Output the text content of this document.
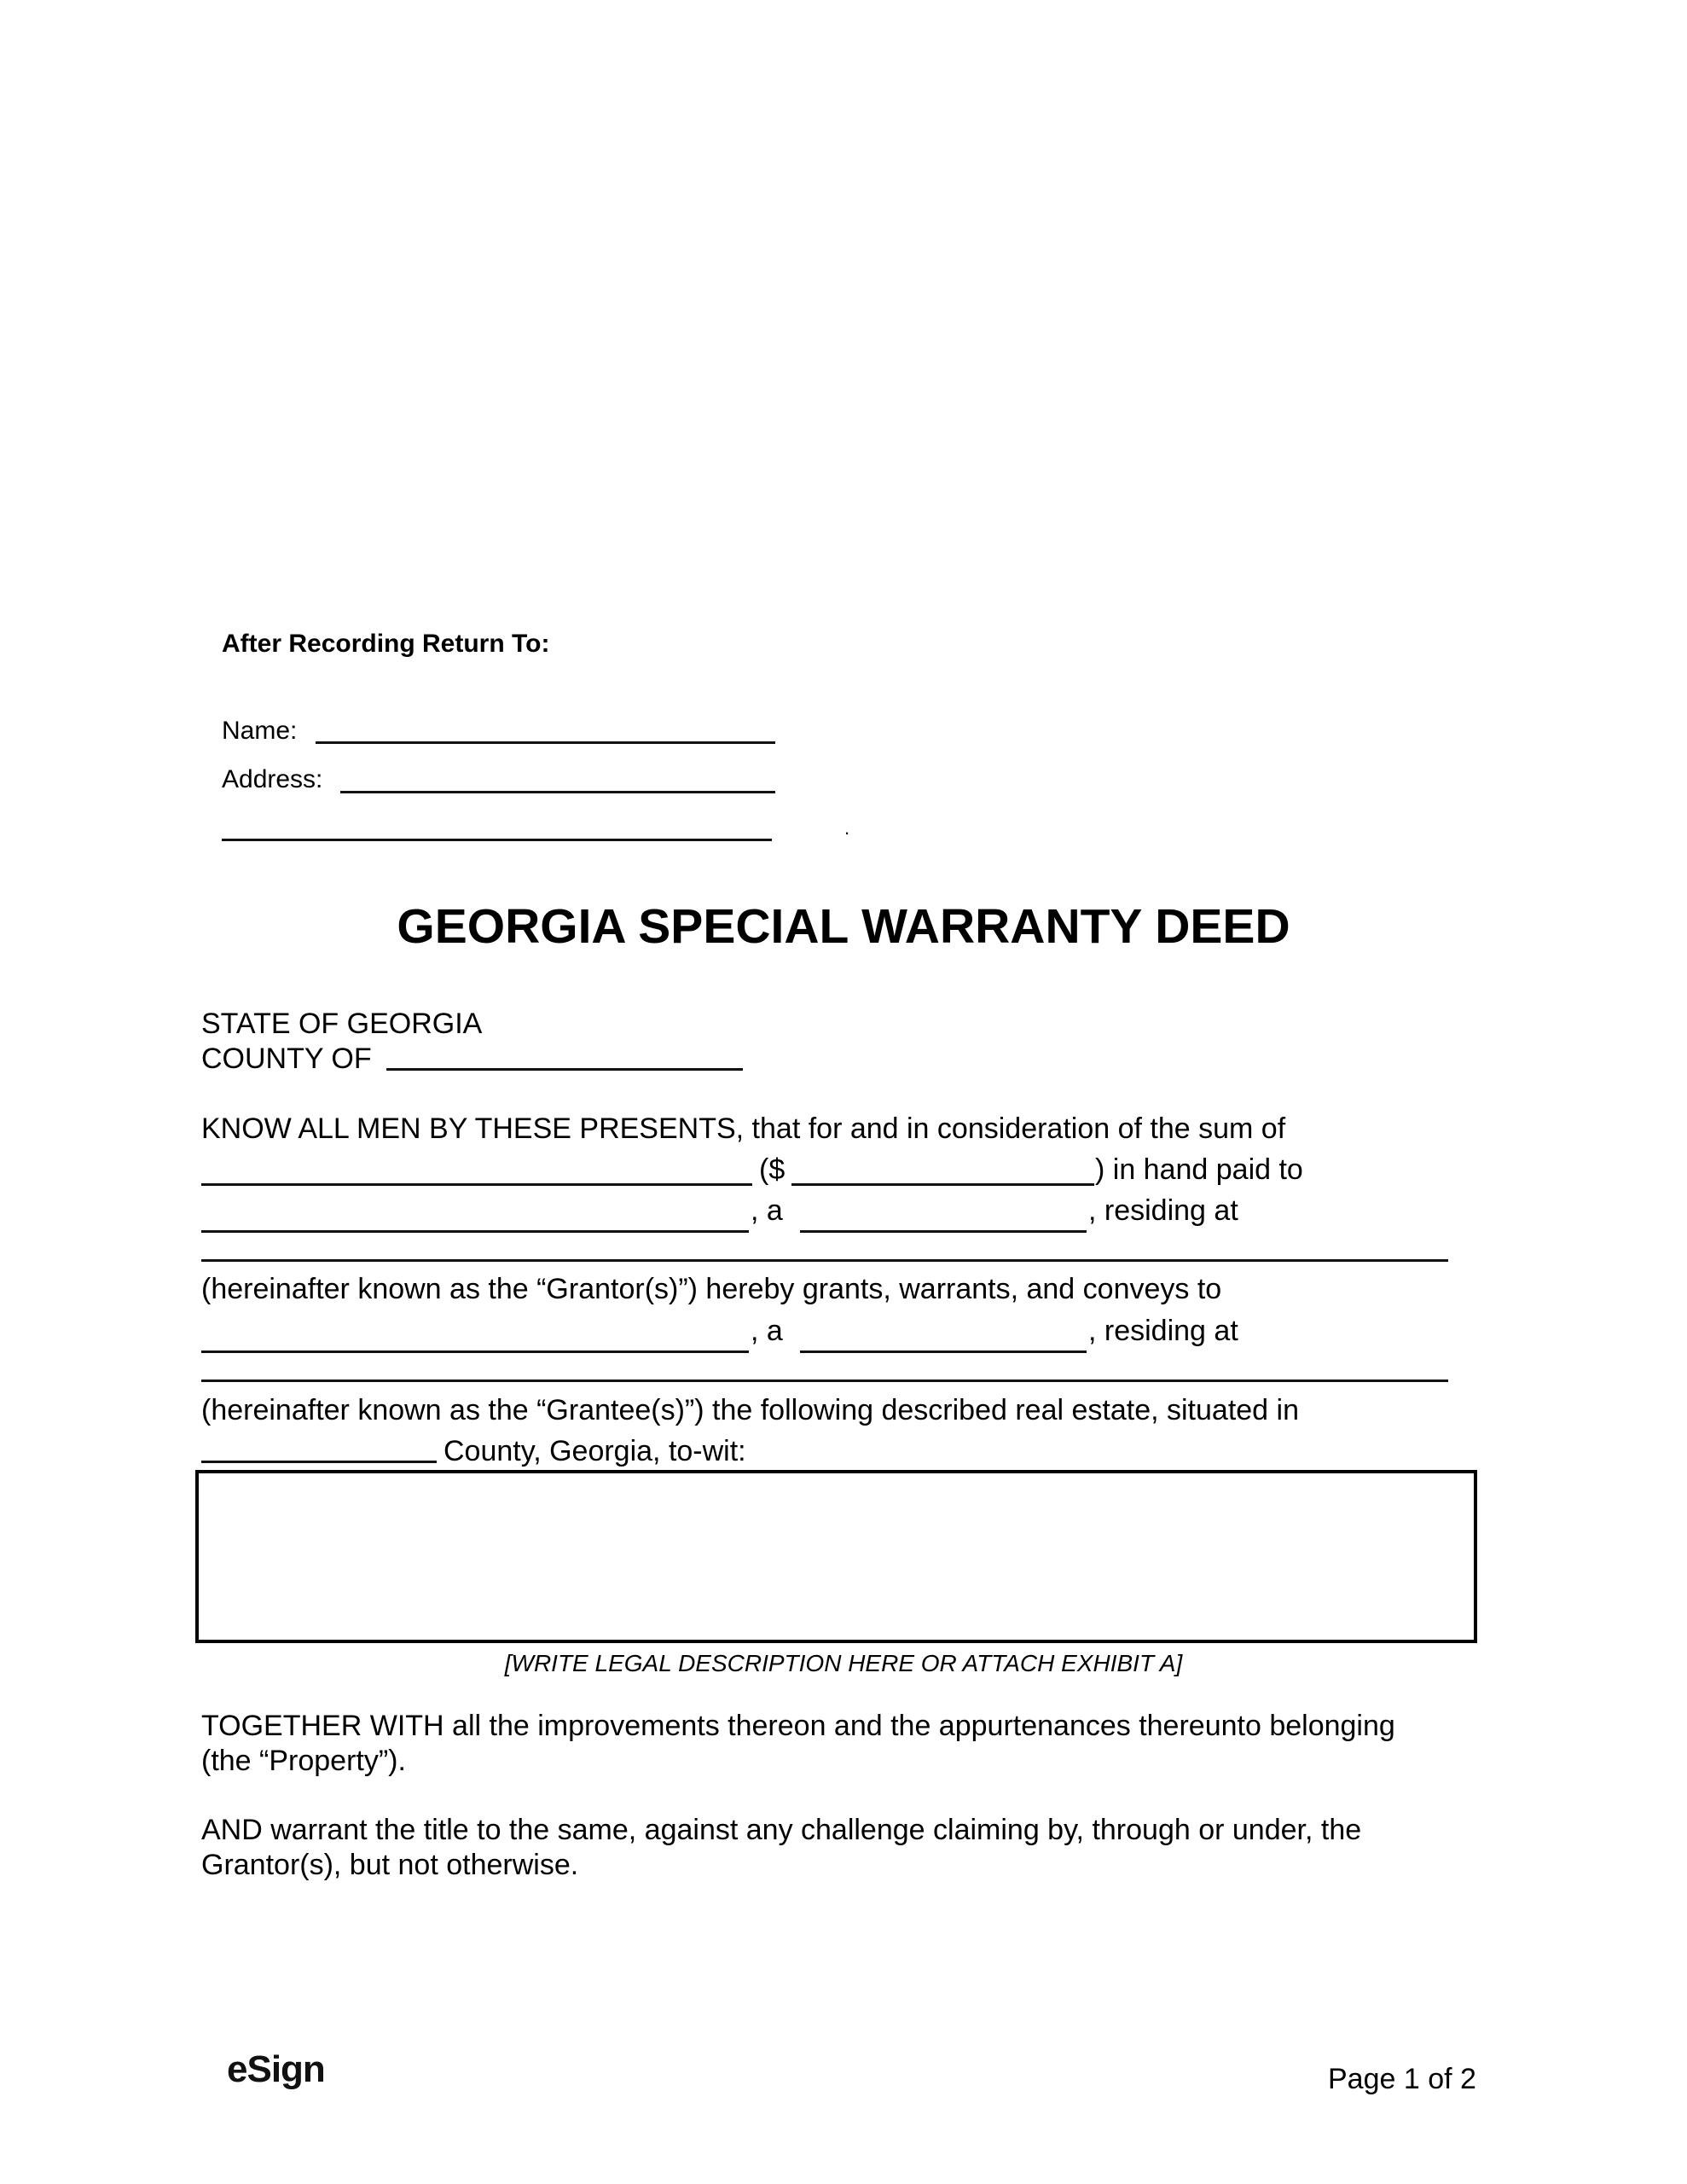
After Recording Return To:
Name:
Address:
.
GEORGIA SPECIAL WARRANTY DEED
STATE OF GEORGIA
COUNTY OF
KNOW ALL MEN BY THESE PRESENTS, that for and in consideration of the sum of
($	) in hand paid to
, a	, residing at
(hereinafter known as the “Grantor(s)”) hereby grants, warrants, and conveys to
, a	, residing at
(hereinafter known as the “Grantee(s)”) the following described real estate, situated in
County, Georgia, to-wit:
[WRITE LEGAL DESCRIPTION HERE OR ATTACH EXHIBIT A]
TOGETHER WITH all the improvements thereon and the appurtenances thereunto belonging
(the “Property”).
AND warrant the title to the same, against any challenge claiming by, through or under, the
Grantor(s), but not otherwise.
eSign	Page 1 of 2
